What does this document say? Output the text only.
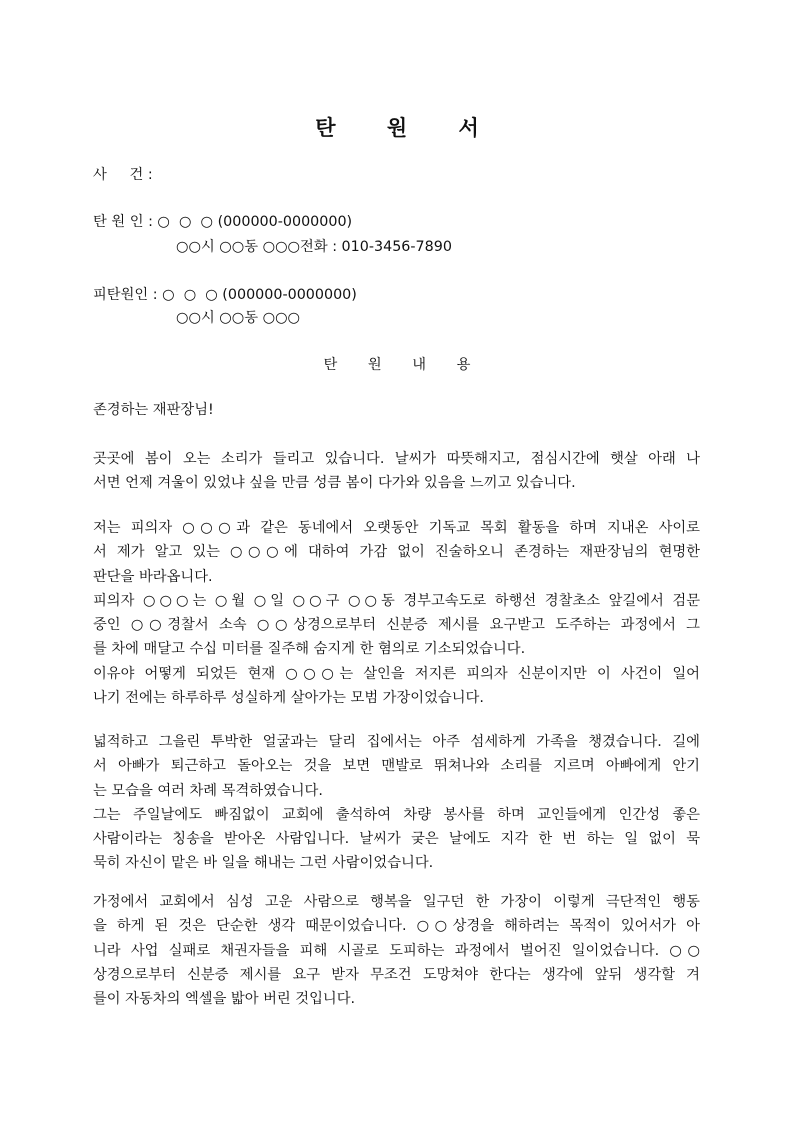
탄 원 서
사     건 :
탄 원 인 : ○  ○  ○ (000000-0000000)
○○시 ○○동 ○○○전화 : 010-3456-7890
피탄원인 : ○  ○  ○ (000000-0000000)
○○시 ○○동 ○○○
탄 원 내 용
존경하는 재판장님!
곳곳에 봄이 오는 소리가 들리고 있습니다. 날씨가 따뜻해지고, 점심시간에 햇살 아래 나
서면 언제 겨울이 있었냐 싶을 만큼 성큼 봄이 다가와 있음을 느끼고 있습니다.
저는 피의자 ○○○과 같은 동네에서 오랫동안 기독교 목회 활동을 하며 지내온 사이로
서 제가 알고 있는 ○○○에 대하여 가감 없이 진술하오니 존경하는 재판장님의 현명한
판단을 바라옵니다.
피의자 ○○○는 ○월 ○일 ○○구 ○○동 경부고속도로 하행선 경찰초소 앞길에서 검문
중인 ○○경찰서 소속 ○○상경으로부터 신분증 제시를 요구받고 도주하는 과정에서 그
를 차에 매달고 수십 미터를 질주해 숨지게 한 혐의로 기소되었습니다.
이유야 어떻게 되었든 현재 ○○○는 살인을 저지른 피의자 신분이지만 이 사건이 일어
나기 전에는 하루하루 성실하게 살아가는 모범 가장이었습니다.
넓적하고 그을린 투박한 얼굴과는 달리 집에서는 아주 섬세하게 가족을 챙겼습니다. 길에
서 아빠가 퇴근하고 돌아오는 것을 보면 맨발로 뛰쳐나와 소리를 지르며 아빠에게 안기
는 모습을 여러 차례 목격하였습니다.
그는 주일날에도 빠짐없이 교회에 출석하여 차량 봉사를 하며 교인들에게 인간성 좋은
사람이라는 칭송을 받아온 사람입니다. 날씨가 궂은 날에도 지각 한 번 하는 일 없이 묵
묵히 자신이 맡은 바 일을 해내는 그런 사람이었습니다.
가정에서 교회에서 심성 고운 사람으로 행복을 일구던 한 가장이 이렇게 극단적인 행동
을 하게 된 것은 단순한 생각 때문이었습니다. ○○상경을 해하려는 목적이 있어서가 아
니라 사업 실패로 채권자들을 피해 시골로 도피하는 과정에서 벌어진 일이었습니다. ○○
상경으로부터 신분증 제시를 요구 받자 무조건 도망쳐야 한다는 생각에 앞뒤 생각할 겨
를이 자동차의 엑셀을 밟아 버린 것입니다.
